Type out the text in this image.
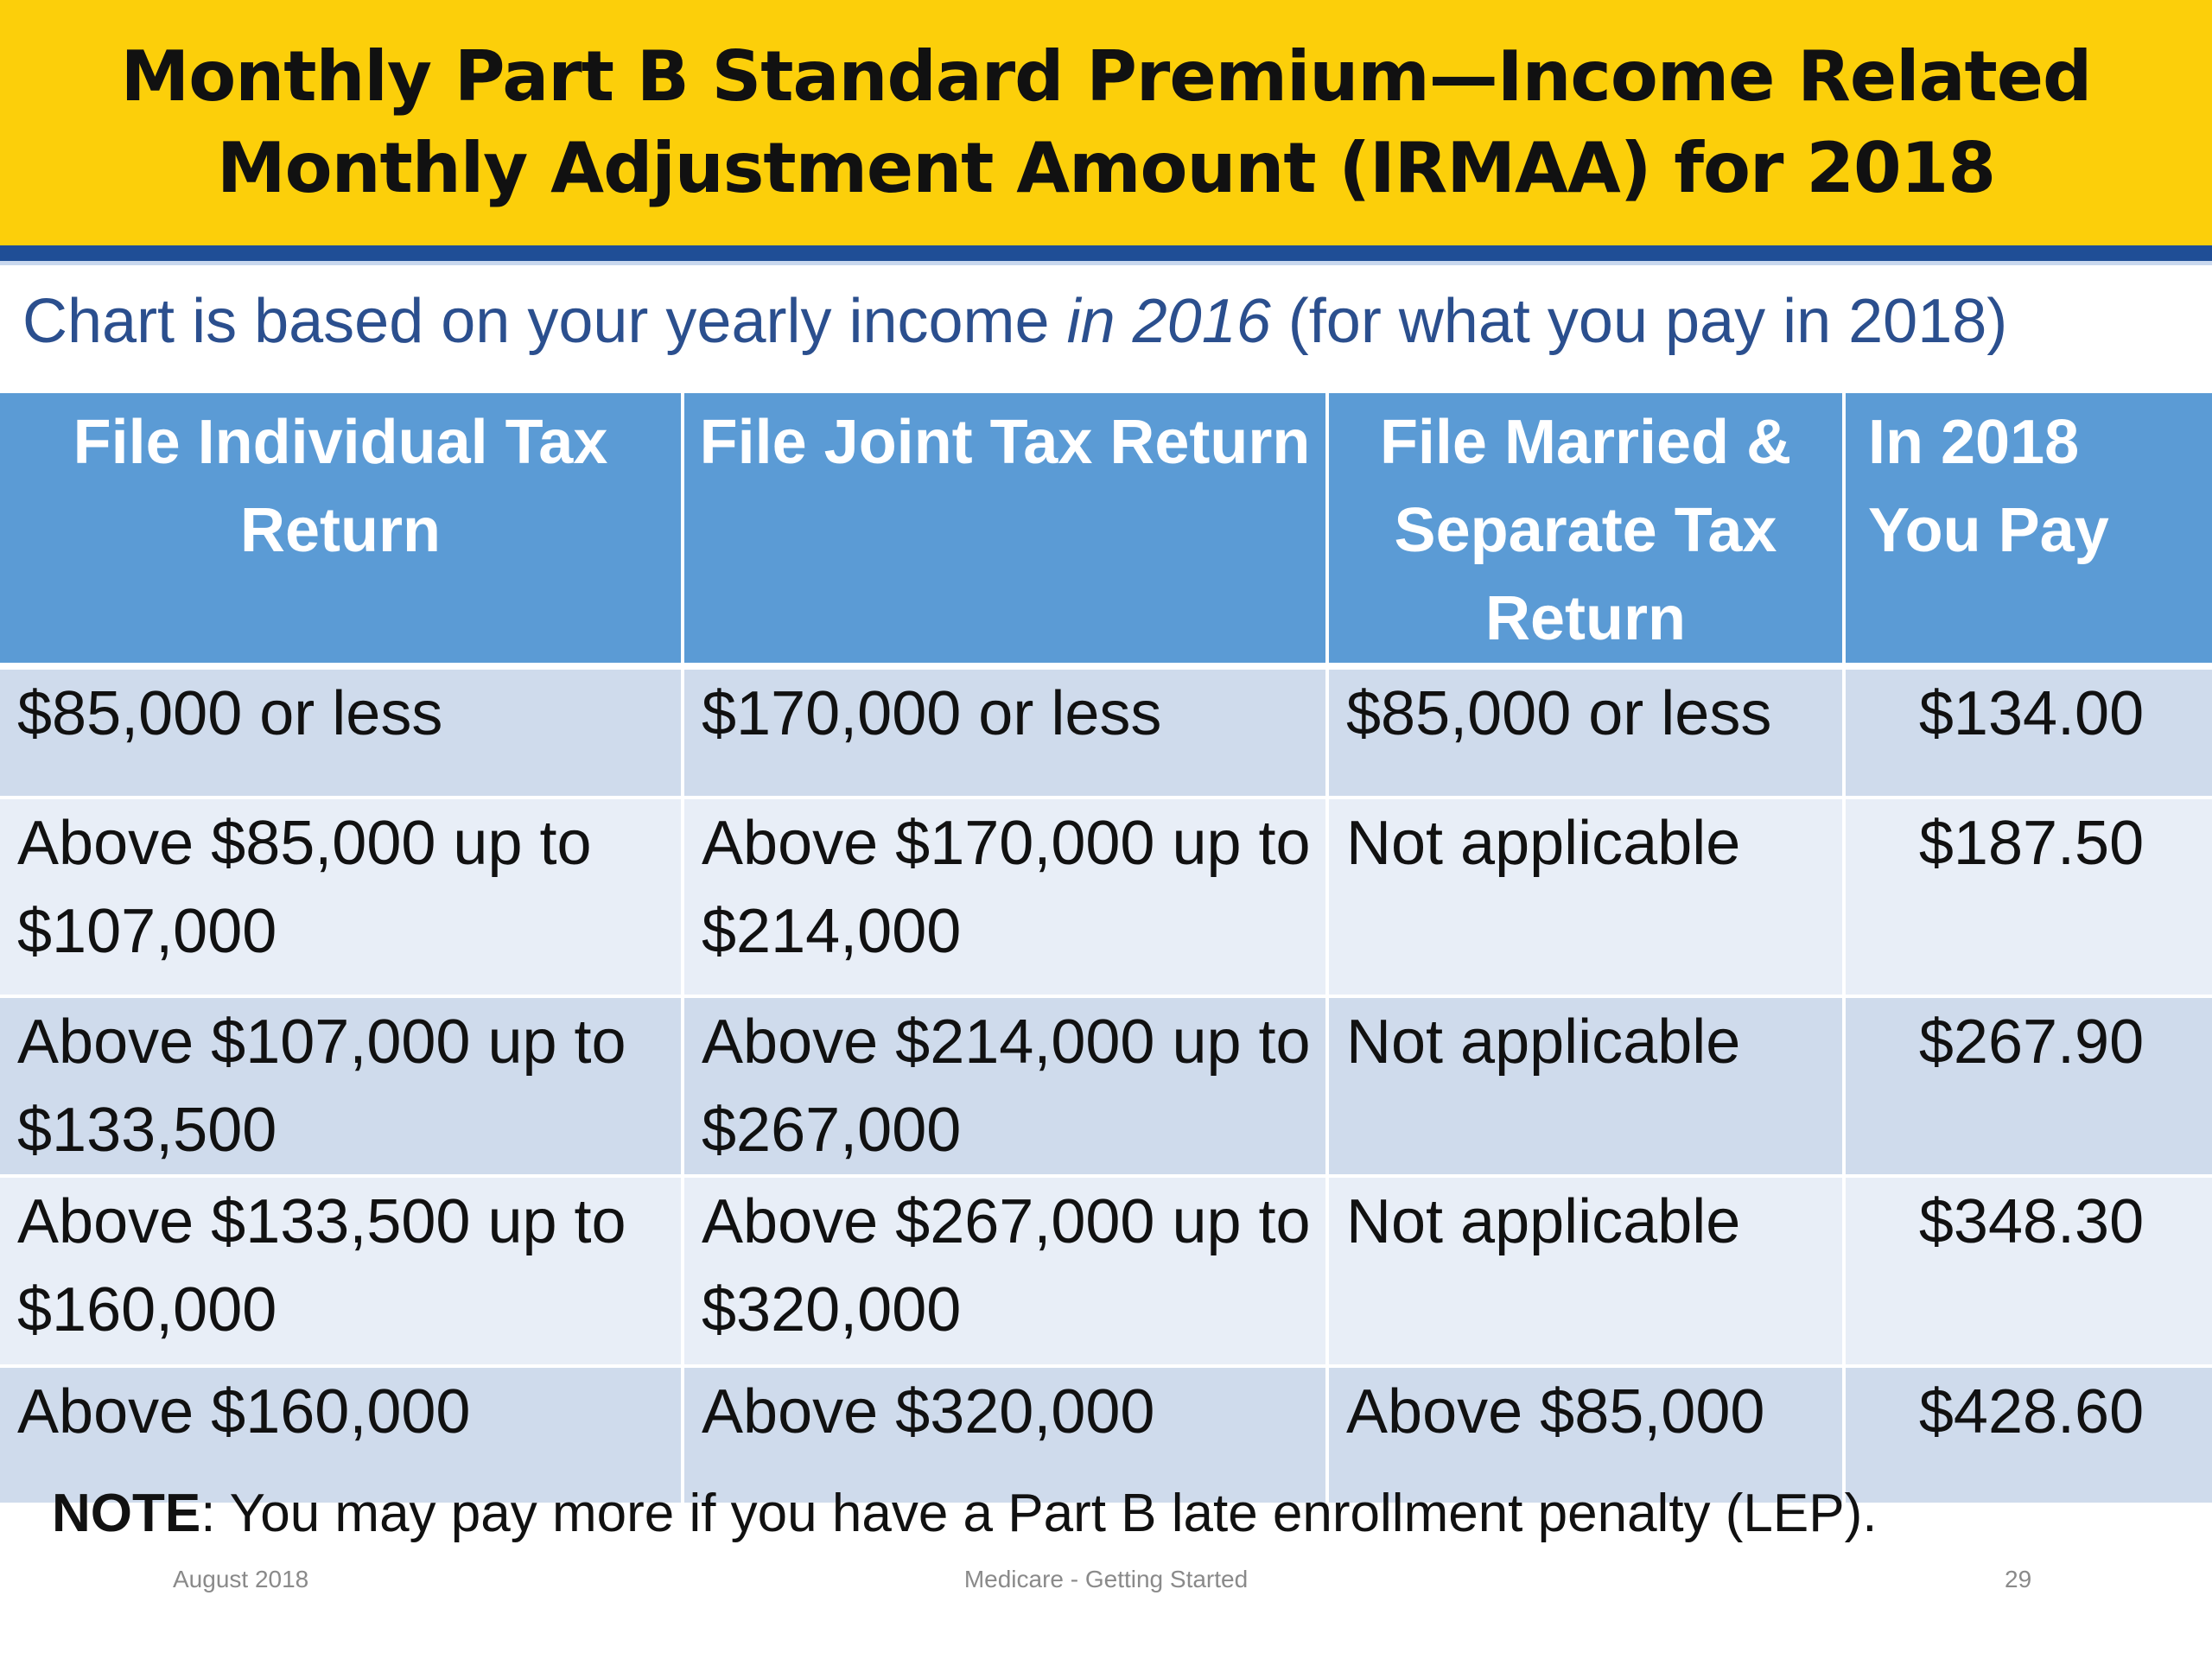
Monthly Part B Standard Premium—Income Related
Monthly Adjustment Amount (IRMAA) for 2018
Chart is based on your yearly income in 2016 (for what you pay in 2018)
File Individual Tax Return	File Joint Tax Return	File Married & Separate Tax Return	In 2018 You Pay
$85,000 or less	$170,000 or less	$85,000 or less	$134.00
Above $85,000 up to $107,000	Above $170,000 up to $214,000	Not applicable	$187.50
Above $107,000 up to $133,500	Above $214,000 up to $267,000	Not applicable	$267.90
Above $133,500 up to $160,000	Above $267,000 up to $320,000	Not applicable	$348.30
Above $160,000	Above $320,000	Above $85,000	$428.60
NOTE: You may pay more if you have a Part B late enrollment penalty (LEP).
August 2018	Medicare - Getting Started	29
